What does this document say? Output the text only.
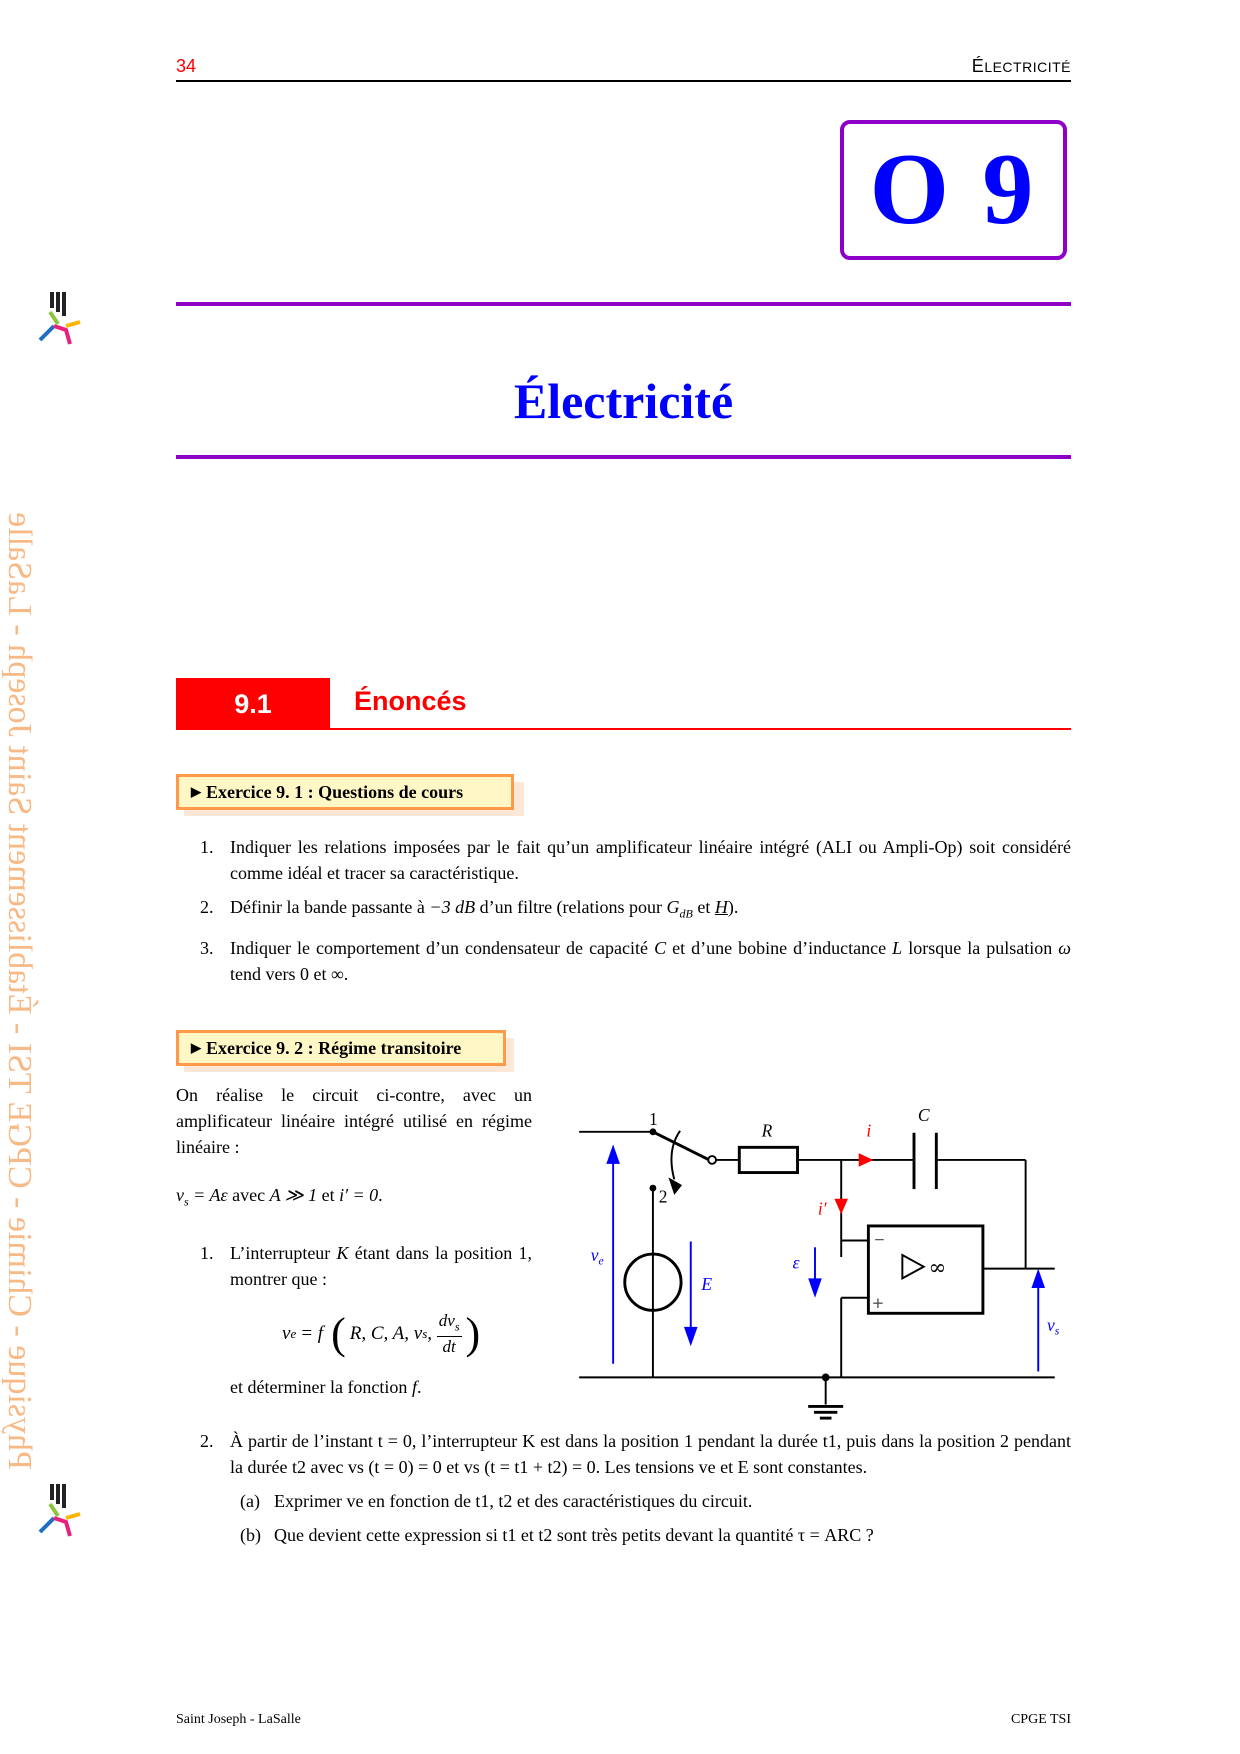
Physique - Chimie - CPGE TSI - Établissement Saint Joseph - LaSalle
34	ÉLECTRICITÉ
O 9
Électricité
9.1	Énoncés
▶ Exercice 9. 1 : Questions de cours
1. Indiquer les relations imposées par le fait qu’un amplificateur linéaire intégré (ALI ou Ampli-Op) soit considéré comme idéal et tracer sa caractéristique.
2. Définir la bande passante à −3 dB d’un filtre (relations pour $G_{dB}$ et H).
3. Indiquer le comportement d’un condensateur de capacité C et d’une bobine d’inductance L lorsque la pulsation ω tend vers 0 et ∞.
▶ Exercice 9. 2 : Régime transitoire
On réalise le circuit ci-contre, avec un amplificateur linéaire intégré utilisé en régime linéaire :
$v_s = A\varepsilon$ avec A ≫ 1 et i′ = 0.
1. L’interrupteur K étant dans la position 1, montrer que :
v e = f ( R, C, A, v s ,
$dv_s$
dt )
et déterminer la fonction f.
1
2
R
C
i
i′
$v_e$
E
ε
$v_s$
−
+
∞
2. À partir de l’instant t = 0, l’interrupteur K est dans la position 1 pendant la durée t1, puis dans la position 2 pendant la durée t2 avec vs (t = 0) = 0 et vs (t = t1 + t2) = 0. Les tensions ve et E sont constantes.
(a) Exprimer ve en fonction de t1, t2 et des caractéristiques du circuit.
(b) Que devient cette expression si t1 et t2 sont très petits devant la quantité τ = ARC ?
Saint Joseph - LaSalle	CPGE TSI
